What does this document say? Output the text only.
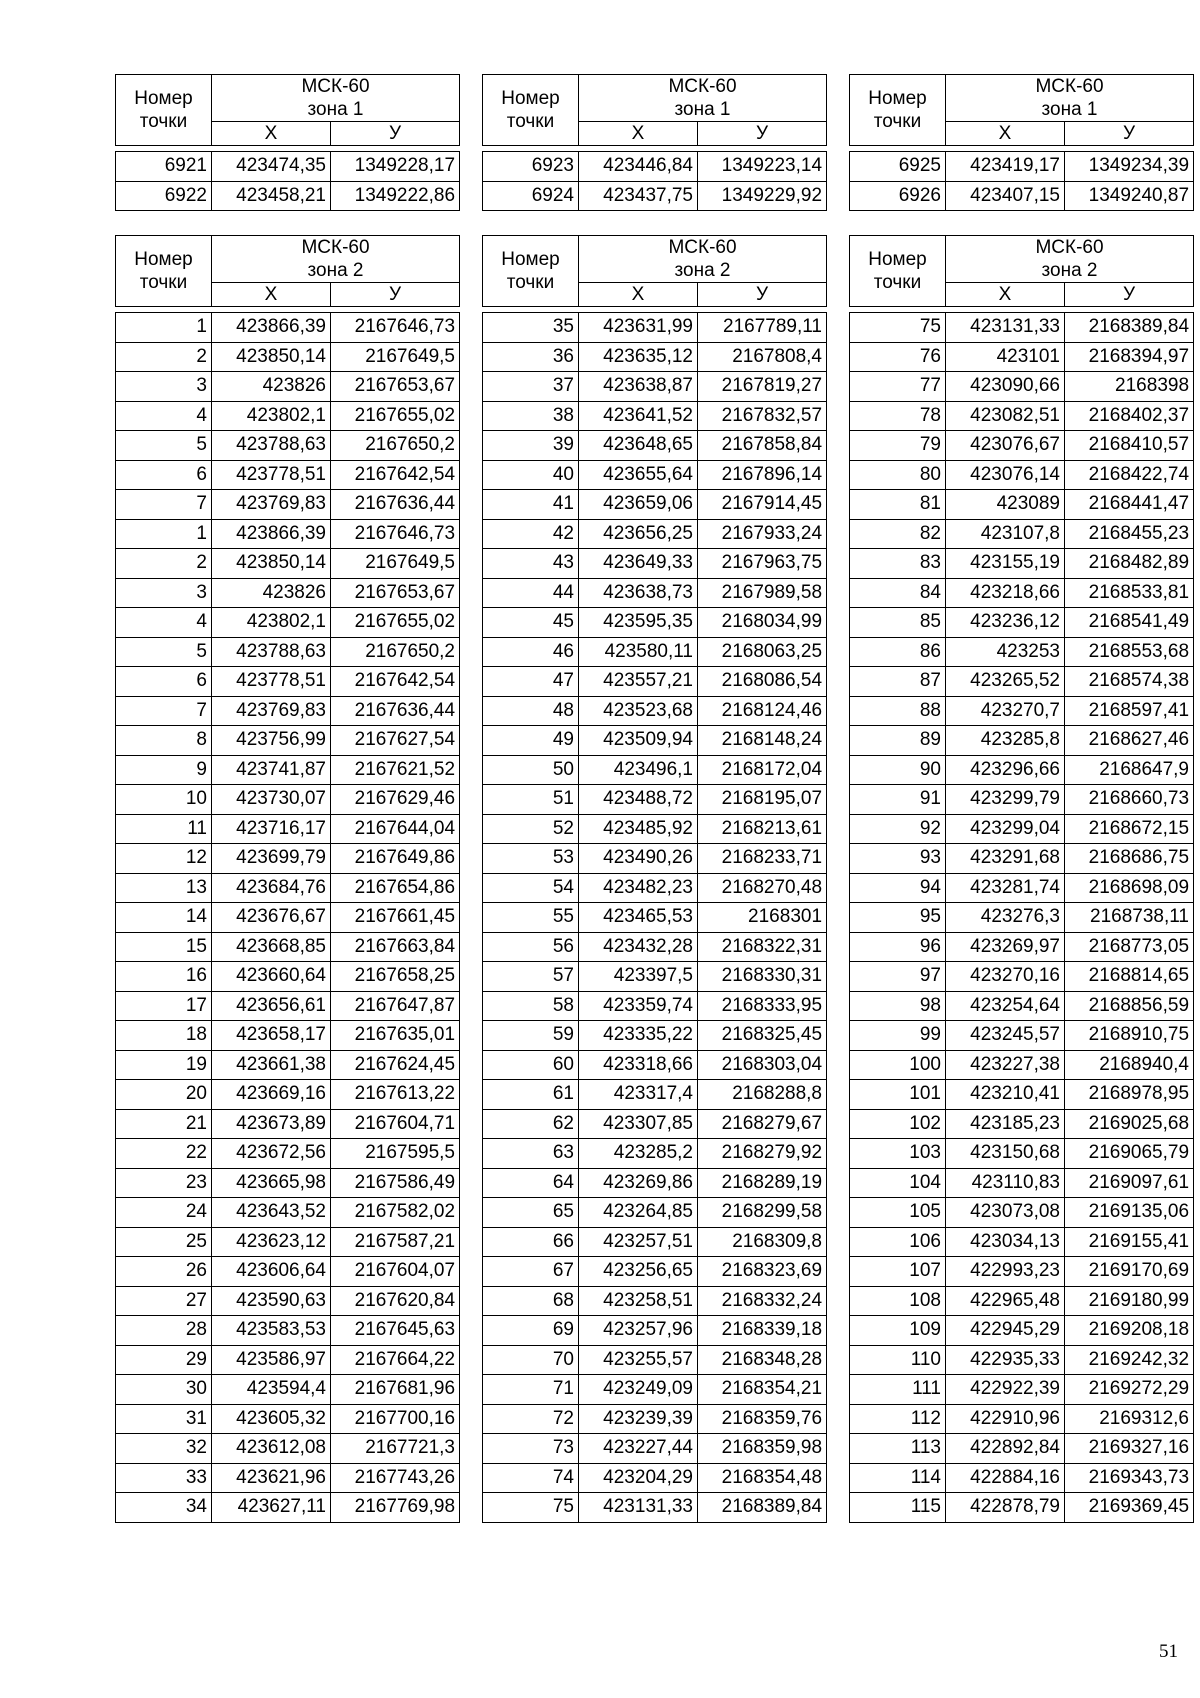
Номер точки	МСК-60
зона 1	

	Х	У

6921	423474,35	1349228,17
6922	423458,21	1349222,86
Номер точки	МСК-60
зона 1	

	Х	У

6923	423446,84	1349223,14
6924	423437,75	1349229,92
Номер точки	МСК-60
зона 1	

	Х	У

6925	423419,17	1349234,39
6926	423407,15	1349240,87
Номер точки	МСК-60
зона 2	

	Х	У

1	423866,39	2167646,73
2	423850,14	2167649,5
3	423826	2167653,67
4	423802,1	2167655,02
5	423788,63	2167650,2
6	423778,51	2167642,54
7	423769,83	2167636,44
1	423866,39	2167646,73
2	423850,14	2167649,5
3	423826	2167653,67
4	423802,1	2167655,02
5	423788,63	2167650,2
6	423778,51	2167642,54
7	423769,83	2167636,44
8	423756,99	2167627,54
9	423741,87	2167621,52
10	423730,07	2167629,46
11	423716,17	2167644,04
12	423699,79	2167649,86
13	423684,76	2167654,86
14	423676,67	2167661,45
15	423668,85	2167663,84
16	423660,64	2167658,25
17	423656,61	2167647,87
18	423658,17	2167635,01
19	423661,38	2167624,45
20	423669,16	2167613,22
21	423673,89	2167604,71
22	423672,56	2167595,5
23	423665,98	2167586,49
24	423643,52	2167582,02
25	423623,12	2167587,21
26	423606,64	2167604,07
27	423590,63	2167620,84
28	423583,53	2167645,63
29	423586,97	2167664,22
30	423594,4	2167681,96
31	423605,32	2167700,16
32	423612,08	2167721,3
33	423621,96	2167743,26
34	423627,11	2167769,98
Номер точки	МСК-60
зона 2	

	Х	У

35	423631,99	2167789,11
36	423635,12	2167808,4
37	423638,87	2167819,27
38	423641,52	2167832,57
39	423648,65	2167858,84
40	423655,64	2167896,14
41	423659,06	2167914,45
42	423656,25	2167933,24
43	423649,33	2167963,75
44	423638,73	2167989,58
45	423595,35	2168034,99
46	423580,11	2168063,25
47	423557,21	2168086,54
48	423523,68	2168124,46
49	423509,94	2168148,24
50	423496,1	2168172,04
51	423488,72	2168195,07
52	423485,92	2168213,61
53	423490,26	2168233,71
54	423482,23	2168270,48
55	423465,53	2168301
56	423432,28	2168322,31
57	423397,5	2168330,31
58	423359,74	2168333,95
59	423335,22	2168325,45
60	423318,66	2168303,04
61	423317,4	2168288,8
62	423307,85	2168279,67
63	423285,2	2168279,92
64	423269,86	2168289,19
65	423264,85	2168299,58
66	423257,51	2168309,8
67	423256,65	2168323,69
68	423258,51	2168332,24
69	423257,96	2168339,18
70	423255,57	2168348,28
71	423249,09	2168354,21
72	423239,39	2168359,76
73	423227,44	2168359,98
74	423204,29	2168354,48
75	423131,33	2168389,84
Номер точки	МСК-60
зона 2	

	Х	У

75	423131,33	2168389,84
76	423101	2168394,97
77	423090,66	2168398
78	423082,51	2168402,37
79	423076,67	2168410,57
80	423076,14	2168422,74
81	423089	2168441,47
82	423107,8	2168455,23
83	423155,19	2168482,89
84	423218,66	2168533,81
85	423236,12	2168541,49
86	423253	2168553,68
87	423265,52	2168574,38
88	423270,7	2168597,41
89	423285,8	2168627,46
90	423296,66	2168647,9
91	423299,79	2168660,73
92	423299,04	2168672,15
93	423291,68	2168686,75
94	423281,74	2168698,09
95	423276,3	2168738,11
96	423269,97	2168773,05
97	423270,16	2168814,65
98	423254,64	2168856,59
99	423245,57	2168910,75
100	423227,38	2168940,4
101	423210,41	2168978,95
102	423185,23	2169025,68
103	423150,68	2169065,79
104	423110,83	2169097,61
105	423073,08	2169135,06
106	423034,13	2169155,41
107	422993,23	2169170,69
108	422965,48	2169180,99
109	422945,29	2169208,18
110	422935,33	2169242,32
111	422922,39	2169272,29
112	422910,96	2169312,6
113	422892,84	2169327,16
114	422884,16	2169343,73
115	422878,79	2169369,45
51
